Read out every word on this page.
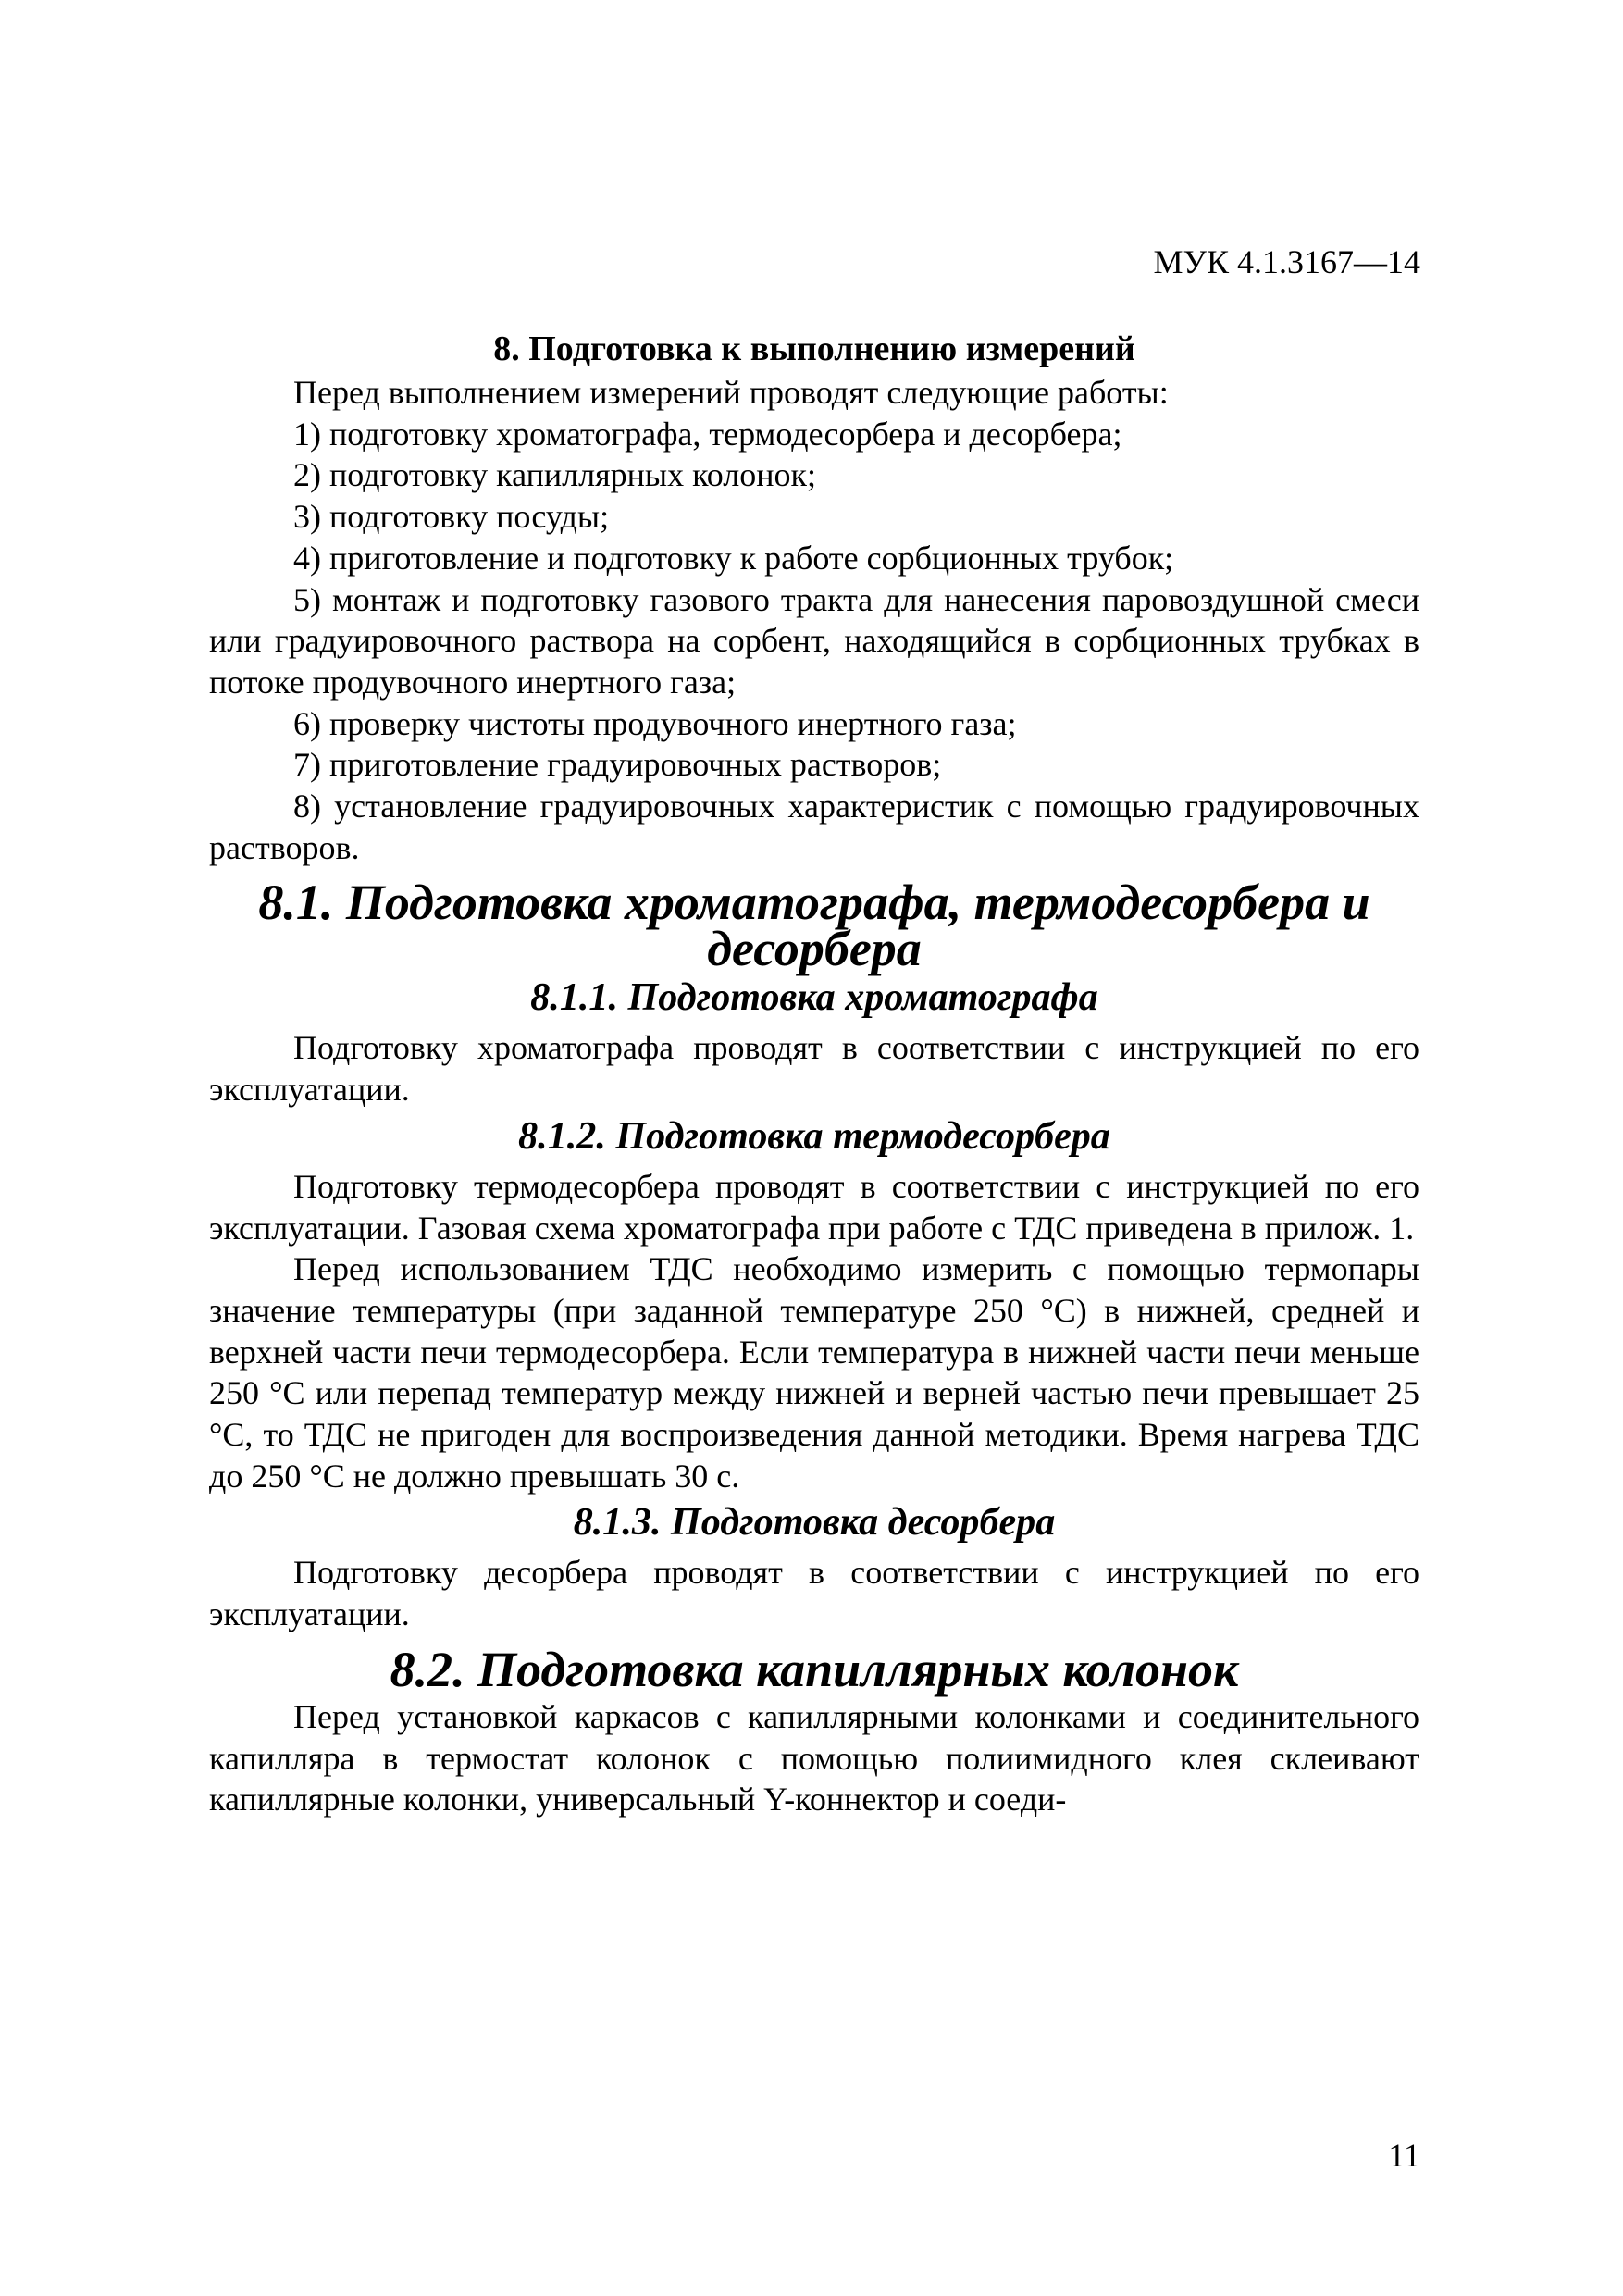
МУК 4.1.3167—14
8. Подготовка к выполнению измерений

Перед выполнением измерений проводят следующие работы:

1) подготовку хроматографа, термодесорбера и десорбера;

2) подготовку капиллярных колонок;

3) подготовку посуды;

4) приготовление и подготовку к работе сорбционных трубок;

5) монтаж и подготовку газового тракта для нанесения паровоздушной смеси или градуировочного раствора на сорбент, находящийся в сорбционных трубках в потоке продувочного инертного газа;

6) проверку чистоты продувочного инертного газа;

7) приготовление градуировочных растворов;

8) установление градуировочных характеристик с помощью градуировочных растворов.

8.1. Подготовка хроматографа, термодесорбера и десорбера
8.1.1. Подготовка хроматографа

Подготовку хроматографа проводят в соответствии с инструкцией по его эксплуатации.

8.1.2. Подготовка термодесорбера

Подготовку термодесорбера проводят в соответствии с инструкцией по его эксплуатации. Газовая схема хроматографа при работе с ТДС приведена в прилож. 1.

Перед использованием ТДС необходимо измерить с помощью термопары значение температуры (при заданной температуре 250 °С) в нижней, средней и верхней части печи термодесорбера. Если температура в нижней части печи меньше 250 °С или перепад температур между нижней и верней частью печи превышает 25 °С, то ТДС не пригоден для воспроизведения данной методики. Время нагрева ТДС до 250 °С не должно превышать 30 с.

8.1.3. Подготовка десорбера

Подготовку десорбера проводят в соответствии с инструкцией по его эксплуатации.

8.2. Подготовка капиллярных колонок

Перед установкой каркасов с капиллярными колонками и соединительного капилляра в термостат колонок с помощью полиимидного клея склеивают капиллярные колонки, универсальный Y-коннектор и соеди-

11
